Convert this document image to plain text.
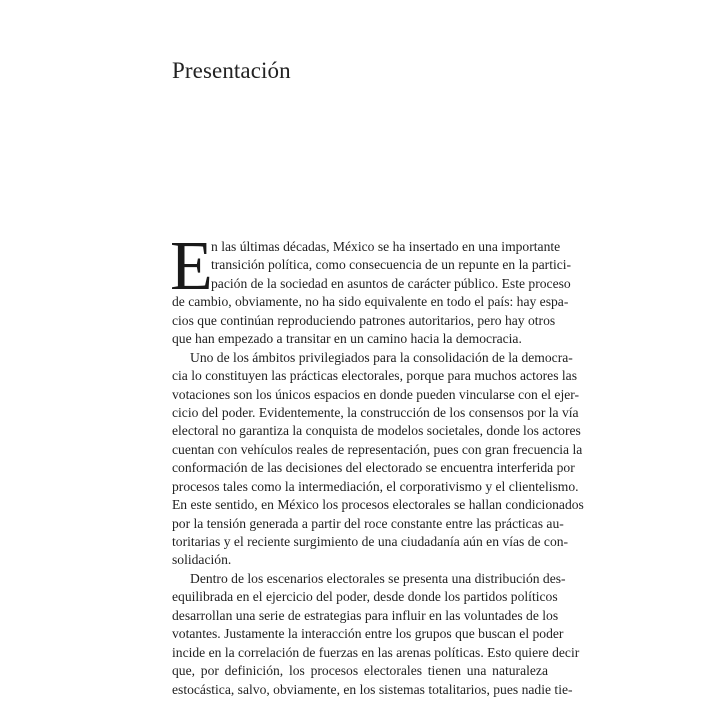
Presentación
E
n las últimas décadas, México se ha insertado en una importante
transición política, como consecuencia de un repunte en la partici-
pación de la sociedad en asuntos de carácter público. Este proceso
de cambio, obviamente, no ha sido equivalente en todo el país: hay espa-
cios que continúan reproduciendo patrones autoritarios, pero hay otros
que han empezado a transitar en un camino hacia la democracia.
Uno de los ámbitos privilegiados para la consolidación de la democra-
cia lo constituyen las prácticas electorales, porque para muchos actores las
votaciones son los únicos espacios en donde pueden vincularse con el ejer-
cicio del poder. Evidentemente, la construcción de los consensos por la vía
electoral no garantiza la conquista de modelos societales, donde los actores
cuentan con vehículos reales de representación, pues con gran frecuencia la
conformación de las decisiones del electorado se encuentra interferida por
procesos tales como la intermediación, el corporativismo y el clientelismo.
En este sentido, en México los procesos electorales se hallan condicionados
por la tensión generada a partir del roce constante entre las prácticas au-
toritarias y el reciente surgimiento de una ciudadanía aún en vías de con-
solidación.
Dentro de los escenarios electorales se presenta una distribución des-
equilibrada en el ejercicio del poder, desde donde los partidos políticos
desarrollan una serie de estrategias para influir en las voluntades de los
votantes. Justamente la interacción entre los grupos que buscan el poder
incide en la correlación de fuerzas en las arenas políticas. Esto quiere decir
que, por definición, los procesos electorales tienen una naturaleza
estocástica, salvo, obviamente, en los sistemas totalitarios, pues nadie tie-
